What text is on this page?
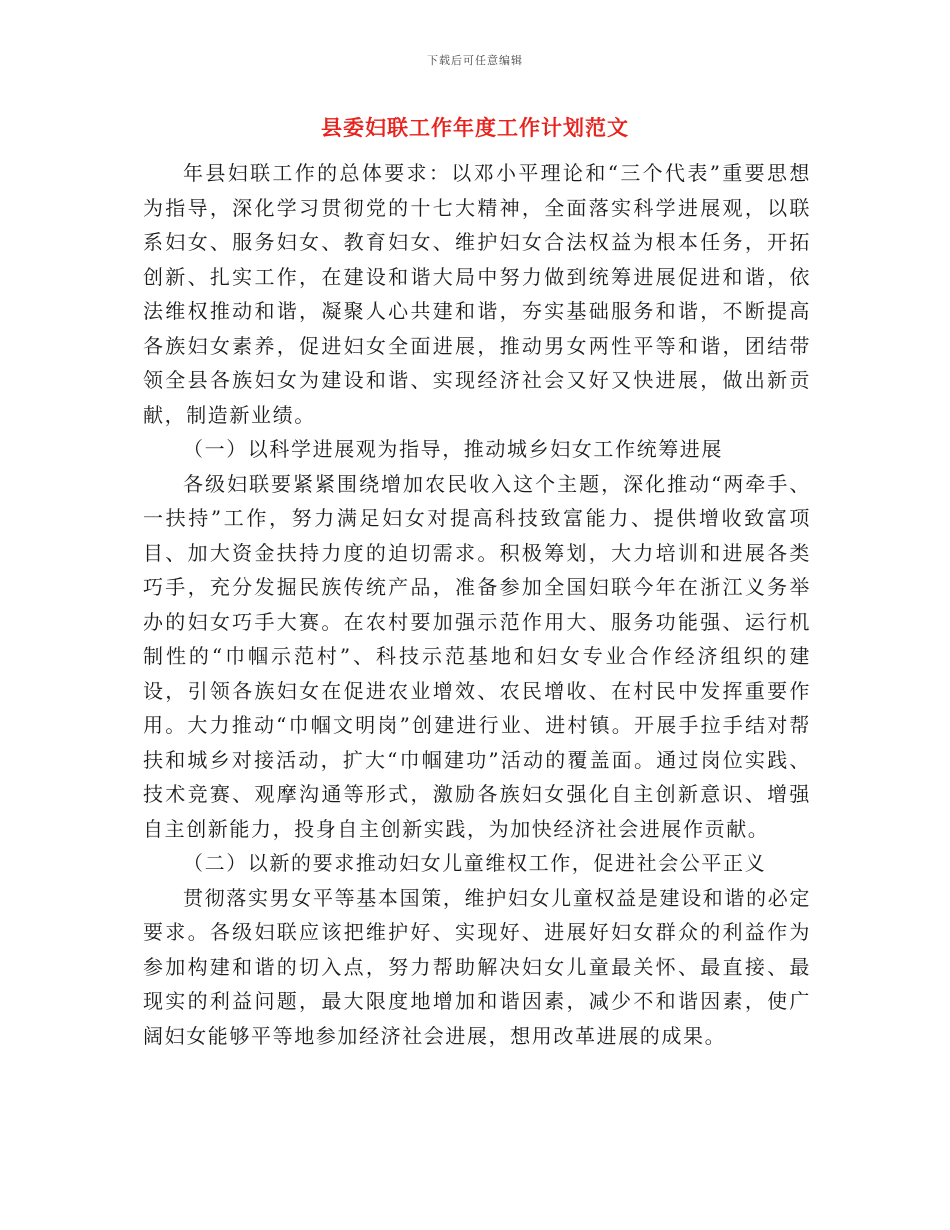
下载后可任意编辑
县委妇联工作年度工作计划范文

年县妇联工作的总体要求：以邓小平理论和“三个代表”重要思想为指导，深化学习贯彻党的十七大精神，全面落实科学进展观，以联系妇女、服务妇女、教育妇女、维护妇女合法权益为根本任务，开拓创新、扎实工作，在建设和谐大局中努力做到统筹进展促进和谐，依法维权推动和谐，凝聚人心共建和谐，夯实基础服务和谐，不断提高各族妇女素养，促进妇女全面进展，推动男女两性平等和谐，团结带领全县各族妇女为建设和谐、实现经济社会又好又快进展，做出新贡献，制造新业绩。

（一）以科学进展观为指导，推动城乡妇女工作统筹进展

各级妇联要紧紧围绕增加农民收入这个主题，深化推动“两牵手、一扶持”工作，努力满足妇女对提高科技致富能力、提供增收致富项目、加大资金扶持力度的迫切需求。积极筹划，大力培训和进展各类巧手，充分发掘民族传统产品，准备参加全国妇联今年在浙江义务举办的妇女巧手大赛。在农村要加强示范作用大、服务功能强、运行机制性的“巾帼示范村”、科技示范基地和妇女专业合作经济组织的建设，引领各族妇女在促进农业增效、农民增收、在村民中发挥重要作用。大力推动“巾帼文明岗”创建进行业、进村镇。开展手拉手结对帮扶和城乡对接活动，扩大“巾帼建功”活动的覆盖面。通过岗位实践、技术竞赛、观摩沟通等形式，激励各族妇女强化自主创新意识、增强自主创新能力，投身自主创新实践，为加快经济社会进展作贡献。

（二）以新的要求推动妇女儿童维权工作，促进社会公平正义

贯彻落实男女平等基本国策，维护妇女儿童权益是建设和谐的必定要求。各级妇联应该把维护好、实现好、进展好妇女群众的利益作为参加构建和谐的切入点，努力帮助解决妇女儿童最关怀、最直接、最现实的利益问题，最大限度地增加和谐因素，减少不和谐因素，使广阔妇女能够平等地参加经济社会进展，想用改革进展的成果。
